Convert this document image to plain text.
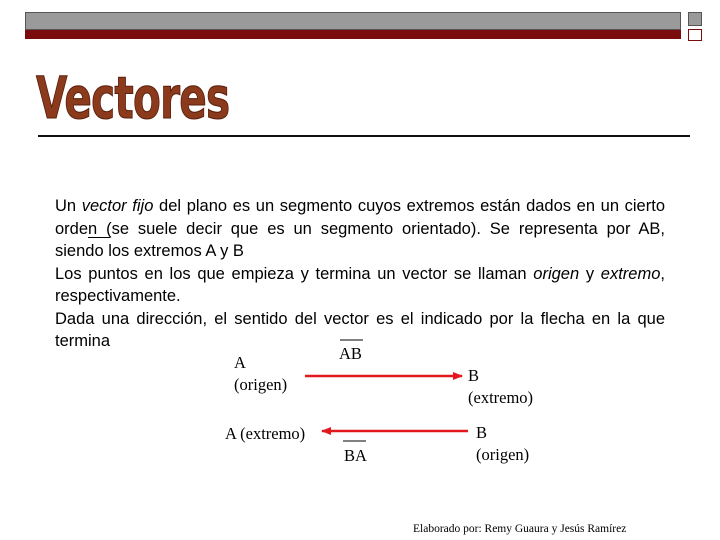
Vectores

Un vector fijo del plano es un segmento cuyos extremos están dados en un cierto orden (se suele decir que es un segmento orientado). Se representa por AB, siendo los extremos A y B

Los puntos en los que empieza y termina un vector se llaman origen y extremo, respectivamente.

Dada una dirección, el sentido del vector es el indicado por la flecha en la que termina

AB
A
(origen)	B
(extremo)
A (extremo)
BA
B
(origen)
Elaborado por: Remy Guaura y Jesús Ramírez
